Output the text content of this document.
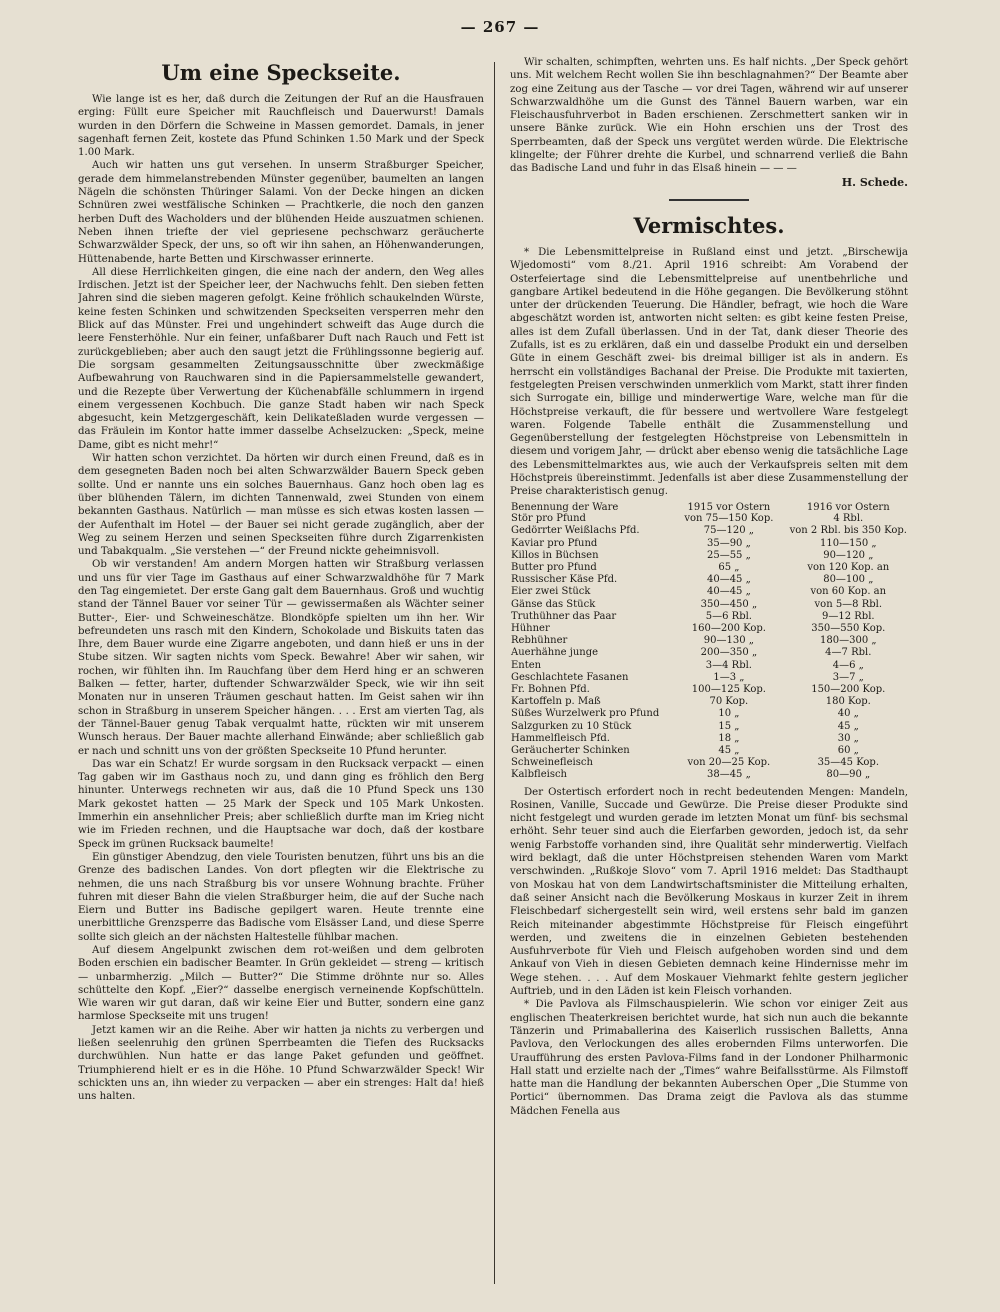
— 267 —
Um eine Speckseite.

Wie lange ist es her, daß durch die Zeitungen der Ruf an die Hausfrauen erging: Füllt eure Speicher mit Rauchfleisch und Dauerwurst! Damals wurden in den Dörfern die Schweine in Massen gemordet. Damals, in jener sagenhaft fernen Zeit, kostete das Pfund Schinken 1.50 Mark und der Speck 1.00 Mark.

Auch wir hatten uns gut versehen. In unserm Straßburger Speicher, gerade dem himmelanstrebenden Münster gegenüber, baumelten an langen Nägeln die schönsten Thüringer Salami. Von der Decke hingen an dicken Schnüren zwei westfälische Schinken — Prachtkerle, die noch den ganzen herben Duft des Wacholders und der blühenden Heide auszuatmen schienen. Neben ihnen triefte der viel gepriesene pechschwarz geräucherte Schwarzwälder Speck, der uns, so oft wir ihn sahen, an Höhenwanderungen, Hüttenabende, harte Betten und Kirschwasser erinnerte.

All diese Herrlichkeiten gingen, die eine nach der andern, den Weg alles Irdischen. Jetzt ist der Speicher leer, der Nachwuchs fehlt. Den sieben fetten Jahren sind die sieben mageren gefolgt. Keine fröhlich schaukelnden Würste, keine festen Schinken und schwitzenden Speckseiten versperren mehr den Blick auf das Münster. Frei und ungehindert schweift das Auge durch die leere Fensterhöhle. Nur ein feiner, unfaßbarer Duft nach Rauch und Fett ist zurückgeblieben; aber auch den saugt jetzt die Frühlingssonne begierig auf. Die sorgsam gesammelten Zeitungsausschnitte über zweckmäßige Aufbewahrung von Rauchwaren sind in die Papiersammelstelle gewandert, und die Rezepte über Verwertung der Küchenabfälle schlummern in irgend einem vergessenen Kochbuch. Die ganze Stadt haben wir nach Speck abgesucht, kein Metzgergeschäft, kein Delikateßladen wurde vergessen — das Fräulein im Kontor hatte immer dasselbe Achselzucken: „Speck, meine Dame, gibt es nicht mehr!“

Wir hatten schon verzichtet. Da hörten wir durch einen Freund, daß es in dem gesegneten Baden noch bei alten Schwarzwälder Bauern Speck geben sollte. Und er nannte uns ein solches Bauernhaus. Ganz hoch oben lag es über blühenden Tälern, im dichten Tannenwald, zwei Stunden von einem bekannten Gasthaus. Natürlich — man müsse es sich etwas kosten lassen — der Aufenthalt im Hotel — der Bauer sei nicht gerade zugänglich, aber der Weg zu seinem Herzen und seinen Speckseiten führe durch Zigarrenkisten und Tabakqualm. „Sie verstehen —“ der Freund nickte geheimnisvoll.

Ob wir verstanden! Am andern Morgen hatten wir Straßburg verlassen und uns für vier Tage im Gasthaus auf einer Schwarzwaldhöhe für 7 Mark den Tag eingemietet. Der erste Gang galt dem Bauernhaus. Groß und wuchtig stand der Tännel Bauer vor seiner Tür — gewissermaßen als Wächter seiner Butter-, Eier- und Schweineschätze. Blondköpfe spielten um ihn her. Wir befreundeten uns rasch mit den Kindern, Schokolade und Biskuits taten das Ihre, dem Bauer wurde eine Zigarre angeboten, und dann hieß er uns in der Stube sitzen. Wir sagten nichts vom Speck. Bewahre! Aber wir sahen, wir rochen, wir fühlten ihn. Im Rauchfang über dem Herd hing er an schweren Balken — fetter, harter, duftender Schwarzwälder Speck, wie wir ihn seit Monaten nur in unseren Träumen geschaut hatten. Im Geist sahen wir ihn schon in Straßburg in unserem Speicher hängen. . . . Erst am vierten Tag, als der Tännel-Bauer genug Tabak verqualmt hatte, rückten wir mit unserem Wunsch heraus. Der Bauer machte allerhand Einwände; aber schließlich gab er nach und schnitt uns von der größten Speckseite 10 Pfund herunter.

Das war ein Schatz! Er wurde sorgsam in den Rucksack verpackt — einen Tag gaben wir im Gasthaus noch zu, und dann ging es fröhlich den Berg hinunter. Unterwegs rechneten wir aus, daß die 10 Pfund Speck uns 130 Mark gekostet hatten — 25 Mark der Speck und 105 Mark Unkosten. Immerhin ein ansehnlicher Preis; aber schließlich durfte man im Krieg nicht wie im Frieden rechnen, und die Hauptsache war doch, daß der kostbare Speck im grünen Rucksack baumelte!

Ein günstiger Abendzug, den viele Touristen benutzen, führt uns bis an die Grenze des badischen Landes. Von dort pflegten wir die Elektrische zu nehmen, die uns nach Straßburg bis vor unsere Wohnung brachte. Früher fuhren mit dieser Bahn die vielen Straßburger heim, die auf der Suche nach Eiern und Butter ins Badische gepilgert waren. Heute trennte eine unerbittliche Grenzsperre das Badische vom Elsässer Land, und diese Sperre sollte sich gleich an der nächsten Haltestelle fühlbar machen.

Auf diesem Angelpunkt zwischen dem rot-weißen und dem gelbroten Boden erschien ein badischer Beamter. In Grün gekleidet — streng — kritisch — unbarmherzig. „Milch — Butter?“ Die Stimme dröhnte nur so. Alles schüttelte den Kopf. „Eier?“ dasselbe energisch verneinende Kopfschütteln. Wie waren wir gut daran, daß wir keine Eier und Butter, sondern eine ganz harmlose Speckseite mit uns trugen!

Jetzt kamen wir an die Reihe. Aber wir hatten ja nichts zu verbergen und ließen seelenruhig den grünen Sperrbeamten die Tiefen des Rucksacks durchwühlen. Nun hatte er das lange Paket gefunden und geöffnet. Triumphierend hielt er es in die Höhe. 10 Pfund Schwarzwälder Speck! Wir schickten uns an, ihn wieder zu verpacken — aber ein strenges: Halt da! hieß uns halten.

Wir schalten, schimpften, wehrten uns. Es half nichts. „Der Speck gehört uns. Mit welchem Recht wollen Sie ihn beschlagnahmen?“ Der Beamte aber zog eine Zeitung aus der Tasche — vor drei Tagen, während wir auf unserer Schwarzwaldhöhe um die Gunst des Tännel Bauern warben, war ein Fleischausfuhrverbot in Baden erschienen. Zerschmettert sanken wir in unsere Bänke zurück. Wie ein Hohn erschien uns der Trost des Sperrbeamten, daß der Speck uns vergütet werden würde. Die Elektrische klingelte; der Führer drehte die Kurbel, und schnarrend verließ die Bahn das Badische Land und fuhr in das Elsaß hinein — — —

H. Schede.

Vermischtes.

* Die Lebensmittelpreise in Rußland einst und jetzt. „Birschewija Wjedomosti“ vom 8./21. April 1916 schreibt: Am Vorabend der Osterfeiertage sind die Lebensmittelpreise auf unentbehrliche und gangbare Artikel bedeutend in die Höhe gegangen. Die Bevölkerung stöhnt unter der drückenden Teuerung. Die Händler, befragt, wie hoch die Ware abgeschätzt worden ist, antworten nicht selten: es gibt keine festen Preise, alles ist dem Zufall überlassen. Und in der Tat, dank dieser Theorie des Zufalls, ist es zu erklären, daß ein und dasselbe Produkt ein und derselben Güte in einem Geschäft zwei- bis dreimal billiger ist als in andern. Es herrscht ein vollständiges Bachanal der Preise. Die Produkte mit taxierten, festgelegten Preisen verschwinden unmerklich vom Markt, statt ihrer finden sich Surrogate ein, billige und minderwertige Ware, welche man für die Höchstpreise verkauft, die für bessere und wertvollere Ware festgelegt waren. Folgende Tabelle enthält die Zusammenstellung und Gegenüberstellung der festgelegten Höchstpreise von Lebensmitteln in diesem und vorigem Jahr, — drückt aber ebenso wenig die tatsächliche Lage des Lebensmittelmarktes aus, wie auch der Verkaufspreis selten mit dem Höchstpreis übereinstimmt. Jedenfalls ist aber diese Zusammenstellung der Preise charakteristisch genug.

Benennung der Ware	1915 vor Ostern	1916 vor Ostern
Stör pro Pfund	von 75—150 Kop.	4 Rbl.
Gedörrter Weißlachs Pfd.	75—120 „	von 2 Rbl. bis 350 Kop.
Kaviar pro Pfund	35—90 „	110—150 „
Killos in Büchsen	25—55 „	90—120 „
Butter pro Pfund	65 „	von 120 Kop. an
Russischer Käse Pfd.	40—45 „	80—100 „
Eier zwei Stück	40—45 „	von 60 Kop. an
Gänse das Stück	350—450 „	von 5—8 Rbl.
Truthühner das Paar	5—6 Rbl.	9—12 Rbl.
Hühner	160—200 Kop.	350—550 Kop.
Rebhühner	90—130 „	180—300 „
Auerhähne junge	200—350 „	4—7 Rbl.
Enten	3—4 Rbl.	4—6 „
Geschlachtete Fasanen	1—3 „	3—7 „
Fr. Bohnen Pfd.	100—125 Kop.	150—200 Kop.
Kartoffeln p. Maß	70 Kop.	180 Kop.
Süßes Wurzelwerk pro Pfund	10 „	40 „
Salzgurken zu 10 Stück	15 „	45 „
Hammelfleisch Pfd.	18 „	30 „
Geräucherter Schinken	45 „	60 „
Schweinefleisch	von 20—25 Kop.	35—45 Kop.
Kalbfleisch	38—45 „	80—90 „

Der Ostertisch erfordert noch in recht bedeutenden Mengen: Mandeln, Rosinen, Vanille, Succade und Gewürze. Die Preise dieser Produkte sind nicht festgelegt und wurden gerade im letzten Monat um fünf- bis sechsmal erhöht. Sehr teuer sind auch die Eierfarben geworden, jedoch ist, da sehr wenig Farbstoffe vorhanden sind, ihre Qualität sehr minderwertig. Vielfach wird beklagt, daß die unter Höchstpreisen stehenden Waren vom Markt verschwinden. „Rußkoje Slovo“ vom 7. April 1916 meldet: Das Stadthaupt von Moskau hat von dem Landwirtschaftsminister die Mitteilung erhalten, daß seiner Ansicht nach die Bevölkerung Moskaus in kurzer Zeit in ihrem Fleischbedarf sichergestellt sein wird, weil erstens sehr bald im ganzen Reich miteinander abgestimmte Höchstpreise für Fleisch eingeführt werden, und zweitens die in einzelnen Gebieten bestehenden Ausfuhrverbote für Vieh und Fleisch aufgehoben worden sind und dem Ankauf von Vieh in diesen Gebieten demnach keine Hindernisse mehr im Wege stehen. . . . Auf dem Moskauer Viehmarkt fehlte gestern jeglicher Auftrieb, und in den Läden ist kein Fleisch vorhanden.

* Die Pavlova als Filmschauspielerin. Wie schon vor einiger Zeit aus englischen Theaterkreisen berichtet wurde, hat sich nun auch die bekannte Tänzerin und Primaballerina des Kaiserlich russischen Balletts, Anna Pavlova, den Verlockungen des alles erobernden Films unterworfen. Die Uraufführung des ersten Pavlova-Films fand in der Londoner Philharmonic Hall statt und erzielte nach der „Times“ wahre Beifallsstürme. Als Filmstoff hatte man die Handlung der bekannten Auberschen Oper „Die Stumme von Portici“ übernommen. Das Drama zeigt die Pavlova als das stumme Mädchen Fenella aus
